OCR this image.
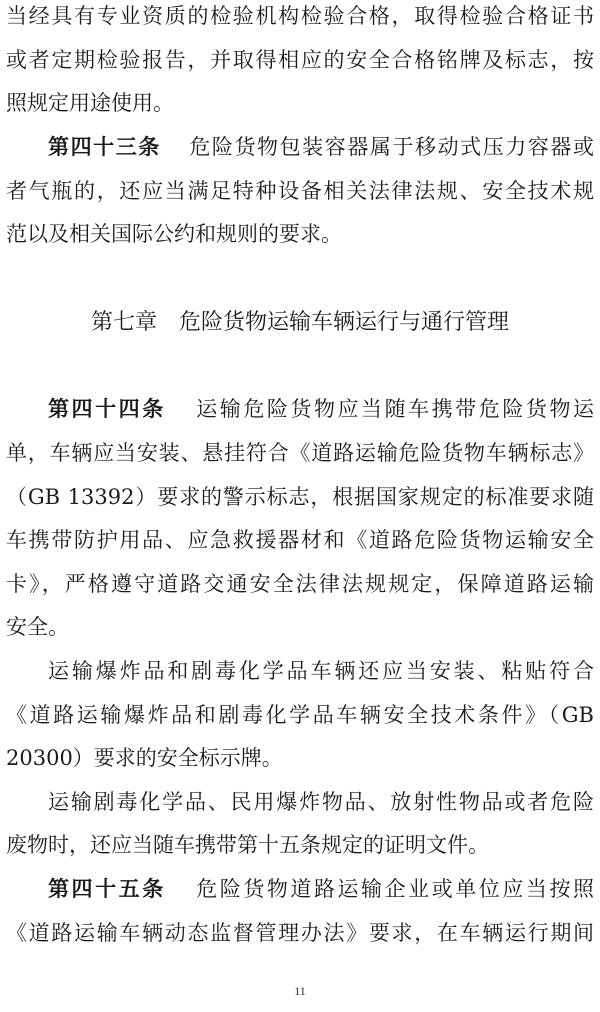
当经具有专业资质的检验机构检验合格，取得检验合格证书
或者定期检验报告，并取得相应的安全合格铭牌及标志，按
照规定用途使用。
第四十三条 危险货物包装容器属于移动式压力容器或
者气瓶的，还应当满足特种设备相关法律法规、安全技术规
范以及相关国际公约和规则的要求。
第七章 危险货物运输车辆运行与通行管理
第四十四条 运输危险货物应当随车携带危险货物运
单，车辆应当安装、悬挂符合《道路运输危险货物车辆标志》
（GB 13392）要求的警示标志，根据国家规定的标准要求随
车携带防护用品、应急救援器材和《道路危险货物运输安全
卡》，严格遵守道路交通安全法律法规规定，保障道路运输
安全。
运输爆炸品和剧毒化学品车辆还应当安装、粘贴符合
《道路运输爆炸品和剧毒化学品车辆安全技术条件》（GB
20300）要求的安全标示牌。
运输剧毒化学品、民用爆炸物品、放射性物品或者危险
废物时，还应当随车携带第十五条规定的证明文件。
第四十五条 危险货物道路运输企业或单位应当按照
《道路运输车辆动态监督管理办法》要求，在车辆运行期间
11
